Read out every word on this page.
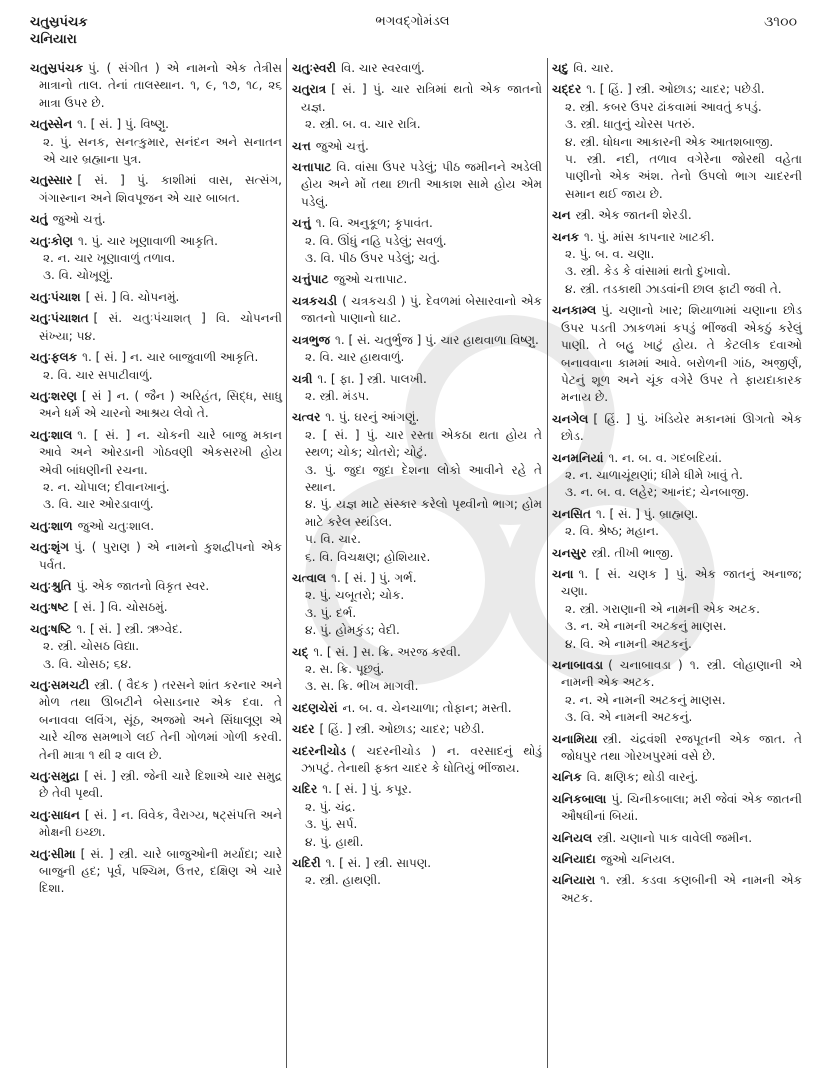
ચતુસ્રપંચક
ચનિયારા
ભગવદ્ગોમંડલ	૩૧૦૦
ચતુસ્રપંચક પું. ( સંગીત ) એ નામનો એક તેત્રીસ માત્રાનો તાલ. તેનાં તાલસ્થાન. ૧, ૯, ૧૭, ૧૮, ૨૬ માત્રા ઉપર છે.
ચતુસ્સેન ૧. [ સં. ] પું. વિષ્ણુ.
૨. પું. સનક, સનત્કુમાર, સનંદન અને સનાતન એ ચાર બ્રહ્માના પુત્ર.
ચતુસ્સાર [ સં. ] પું. કાશીમાં વાસ, સત્સંગ, ગંગાસ્નાન અને શિવપૂજન એ ચાર બાબત.
ચતું જુઓ ચત્તું.
ચતુઃકોણ ૧. પું. ચાર ખૂણાવાળી આકૃતિ.
૨. ન. ચાર ખૂણાવાળું તળાવ.
૩. વિ. ચોખૂણું.
ચતુઃપંચાશ [ સં. ] વિ. ચોપનમું.
ચતુઃપંચાશત [ સં. ચતુઃપંચાશત્ ] વિ. ચોપનની સંખ્યા; ૫૪.
ચતુઃફલક ૧. [ સં. ] ન. ચાર બાજુવાળી આકૃતિ.
૨. વિ. ચાર સપાટીવાળું.
ચતુઃશરણ [ સં ] ન. ( જૈન ) અરિહંત, સિદ્ધ, સાધુ અને ધર્મ એ ચારનો આશ્રય લેવો તે.
ચતુઃશાલ ૧. [ સં. ] ન. ચોકની ચારે બાજુ મકાન આવે અને ઓરડાની ગોઠવણી એકસરખી હોય એવી બાંધણીની રચના.
૨. ન. ચોપાલ; દીવાનખાનું.
૩. વિ. ચાર ઓરડાવાળું.
ચતુઃશાળ જુઓ ચતુઃશાલ.
ચતુઃશૃંગ પું. ( પુરાણ ) એ નામનો કુશદ્વીપનો એક પર્વત.
ચતુઃશ્રુતિ પું. એક જાતનો વિકૃત સ્વર.
ચતુઃષષ્ટ [ સં. ] વિ. ચોસઠમું.
ચતુઃષષ્ટિ ૧. [ સં. ] સ્ત્રી. ઋગ્વેદ.
૨. સ્ત્રી. ચોસઠ વિદ્યા.
૩. વિ. ચોસઠ; ૬૪.
ચતુઃસમચટી સ્ત્રી. ( વૈદક ) તરસને શાંત કરનાર અને મોળ તથા ઊબટીને બેસાડનાર એક દવા. તે બનાવવા લવિંગ, સૂંઠ, અજમો અને સિંધાલૂણ એ ચારે ચીજ સમભાગે લઈ તેની ગોળમાં ગોળી કરવી. તેની માત્રા ૧ થી ૨ વાલ છે.
ચતુઃસમુદ્રા [ સં. ] સ્ત્રી. જેની ચારે દિશાએ ચાર સમુદ્ર છે તેવી પૃથ્વી.
ચતુઃસાધન [ સં. ] ન. વિવેક, વૈરાગ્ય, ષટ્સંપત્તિ અને મોક્ષની ઇચ્છા.
ચતુઃસીમા [ સં. ] સ્ત્રી. ચારે બાજુઓની મર્યાદા; ચારે બાજુની હદ; પૂર્વ, પશ્ચિમ, ઉત્તર, દક્ષિણ એ ચારે દિશા.
ચતુઃસ્વરી વિ. ચાર સ્વરવાળું.
ચતુરાત્ર [ સં. ] પું. ચાર રાત્રિમાં થતો એક જાતનો યજ્ઞ.
૨. સ્ત્રી. બ. વ. ચાર રાત્રિ.
ચત્ત જુઓ ચત્તું.
ચત્તાપાટ વિ. વાંસા ઉપર પડેલું; પીઠ જમીનને અડેલી હોય અને મોં તથા છાતી આકાશ સામે હોય એમ પડેલું.
ચત્તું ૧. વિ. અનુકૂળ; કૃપાવંત.
૨. વિ. ઊંધું નહિ પડેલું; સવળું.
૩. વિ. પીઠ ઉપર પડેલું; ચતું.
ચત્તુંપાટ જુઓ ચત્તાપાટ.
ચત્રકચડી ( ચત્રકચડી ) પું. દેવળમાં બેસારવાનો એક જાતનો પાણાનો ઘાટ.
ચત્રભુજ ૧. [ સં. ચતુર્ભુજ ] પું. ચાર હાથવાળા વિષ્ણુ.
૨. વિ. ચાર હાથવાળું.
ચત્રી ૧. [ ફા. ] સ્ત્રી. પાલખી.
૨. સ્ત્રી. મંડપ.
ચત્વર ૧. પું. ઘરનું આંગણું.
૨. [ સં. ] પું. ચાર રસ્તા એકઠા થતા હોય તે સ્થળ; ચોક; ચોતરો; ચોટું.
૩. પું. જુદા જુદા દેશના લોકો આવીને રહે તે સ્થાન.
૪. પું. યજ્ઞ માટે સંસ્કાર કરેલો પૃથ્વીનો ભાગ; હોમ માટે કરેલ સ્થંડિલ.
૫. વિ. ચાર.
૬. વિ. વિચક્ષણ; હોશિયાર.
ચત્વાલ ૧. [ સં. ] પું. ગર્ભ.
૨. પું. ચબૂતરો; ચોક.
૩. પું. દર્ભ.
૪. પું. હોમકુંડ; વેદી.
ચદ્ ૧. [ સં. ] સ. ક્રિ. અરજ કરવી.
૨. સ. ક્રિ. પૂછવું.
૩. સ. ક્રિ. ભીખ માગવી.
ચદણચેરાં ન. બ. વ. ચેનચાળા; તોફાન; મસ્તી.
ચદર [ હિં. ] સ્ત્રી. ઓછાડ; ચાદર; પછેડી.
ચદરનીચોડ ( ચદરનીચોડ ) ન. વરસાદનું થોડું ઝાપટું. તેનાથી ફક્ત ચાદર કે ધોતિયું ભીંજાય.
ચદિર ૧. [ સં. ] પું. કપૂર.
૨. પું. ચંદ્ર.
૩. પું. સર્પ.
૪. પું. હાથી.
ચદિરી ૧. [ સં. ] સ્ત્રી. સાપણ.
૨. સ્ત્રી. હાથણી.
ચદુ વિ. ચાર.
ચદ્દર ૧. [ હિં. ] સ્ત્રી. ઓછાડ; ચાદર; પછેડી.
૨. સ્ત્રી. કબર ઉપર ઢાંકવામાં આવતું કપડું.
૩. સ્ત્રી. ધાતુનું ચોરસ પતરું.
૪. સ્ત્રી. ધોધના આકારની એક આતશબાજી.
૫. સ્ત્રી. નદી, તળાવ વગેરેના જોરથી વહેતા પાણીનો એક અંશ. તેનો ઉપલો ભાગ ચાદરની સમાન થઈ જાય છે.
ચન સ્ત્રી. એક જાતની શેરડી.
ચનક ૧. પું. માંસ કાપનાર ખાટકી.
૨. પું. બ. વ. ચણા.
૩. સ્ત્રી. કેડ કે વાંસામાં થતો દુખાવો.
૪. સ્ત્રી. તડકાથી ઝાડવાંની છાલ ફાટી જવી તે.
ચનકામ્લ પું. ચણાનો ખાર; શિયાળામાં ચણાના છોડ ઉપર પડતી ઝાકળમાં કપડું ભીંજવી એકઠું કરેલું પાણી. તે બહુ ખાટું હોય. તે કેટલીક દવાઓ બનાવવાના કામમાં આવે. બરોળની ગાંઠ, અજીર્ણ, પેટનું શૂળ અને ચૂંક વગેરે ઉપર તે ફાયદાકારક મનાય છે.
ચનગેલ [ હિં. ] પું. ખંડિયેર મકાનમાં ઊગતો એક છોડ.
ચનમનિયાં ૧. ન. બ. વ. ગદબદિયાં.
૨. ન. ચાળાચૂંથણાં; ધીમે ધીમે ખાવું તે.
૩. ન. બ. વ. લહેર; આનંદ; ચેનબાજી.
ચનસિત ૧. [ સં. ] પું. બ્રાહ્મણ.
૨. વિ. શ્રેષ્ઠ; મહાન.
ચનસુર સ્ત્રી. તીખી ભાજી.
ચના ૧. [ સં. ચણક ] પું. એક જાતનું અનાજ; ચણા.
૨. સ્ત્રી. ગરાણાની એ નામની એક અટક.
૩. ન. એ નામની અટકનું માણસ.
૪. વિ. એ નામની અટકનું.
ચનાબાવડા ( ચનાબાવડા ) ૧. સ્ત્રી. લોહાણાની એ નામની એક અટક.
૨. ન. એ નામની અટકનું માણસ.
૩. વિ. એ નામની અટકનું.
ચનામિયા સ્ત્રી. ચંદ્રવંશી રજપૂતની એક જાત. તે જોધપુર તથા ગોરખપુરમાં વસે છે.
ચનિક વિ. ક્ષણિક; થોડી વારનું.
ચનિકબાલા પું. ચિનીકબાલા; મરી જેવાં એક જાતની ઔષધીનાં બિયાં.
ચનિયલ સ્ત્રી. ચણાનો પાક વાવેલી જમીન.
ચનિયાદા જુઓ ચનિયલ.
ચનિયારા ૧. સ્ત્રી. કડવા કણબીની એ નામની એક અટક.
